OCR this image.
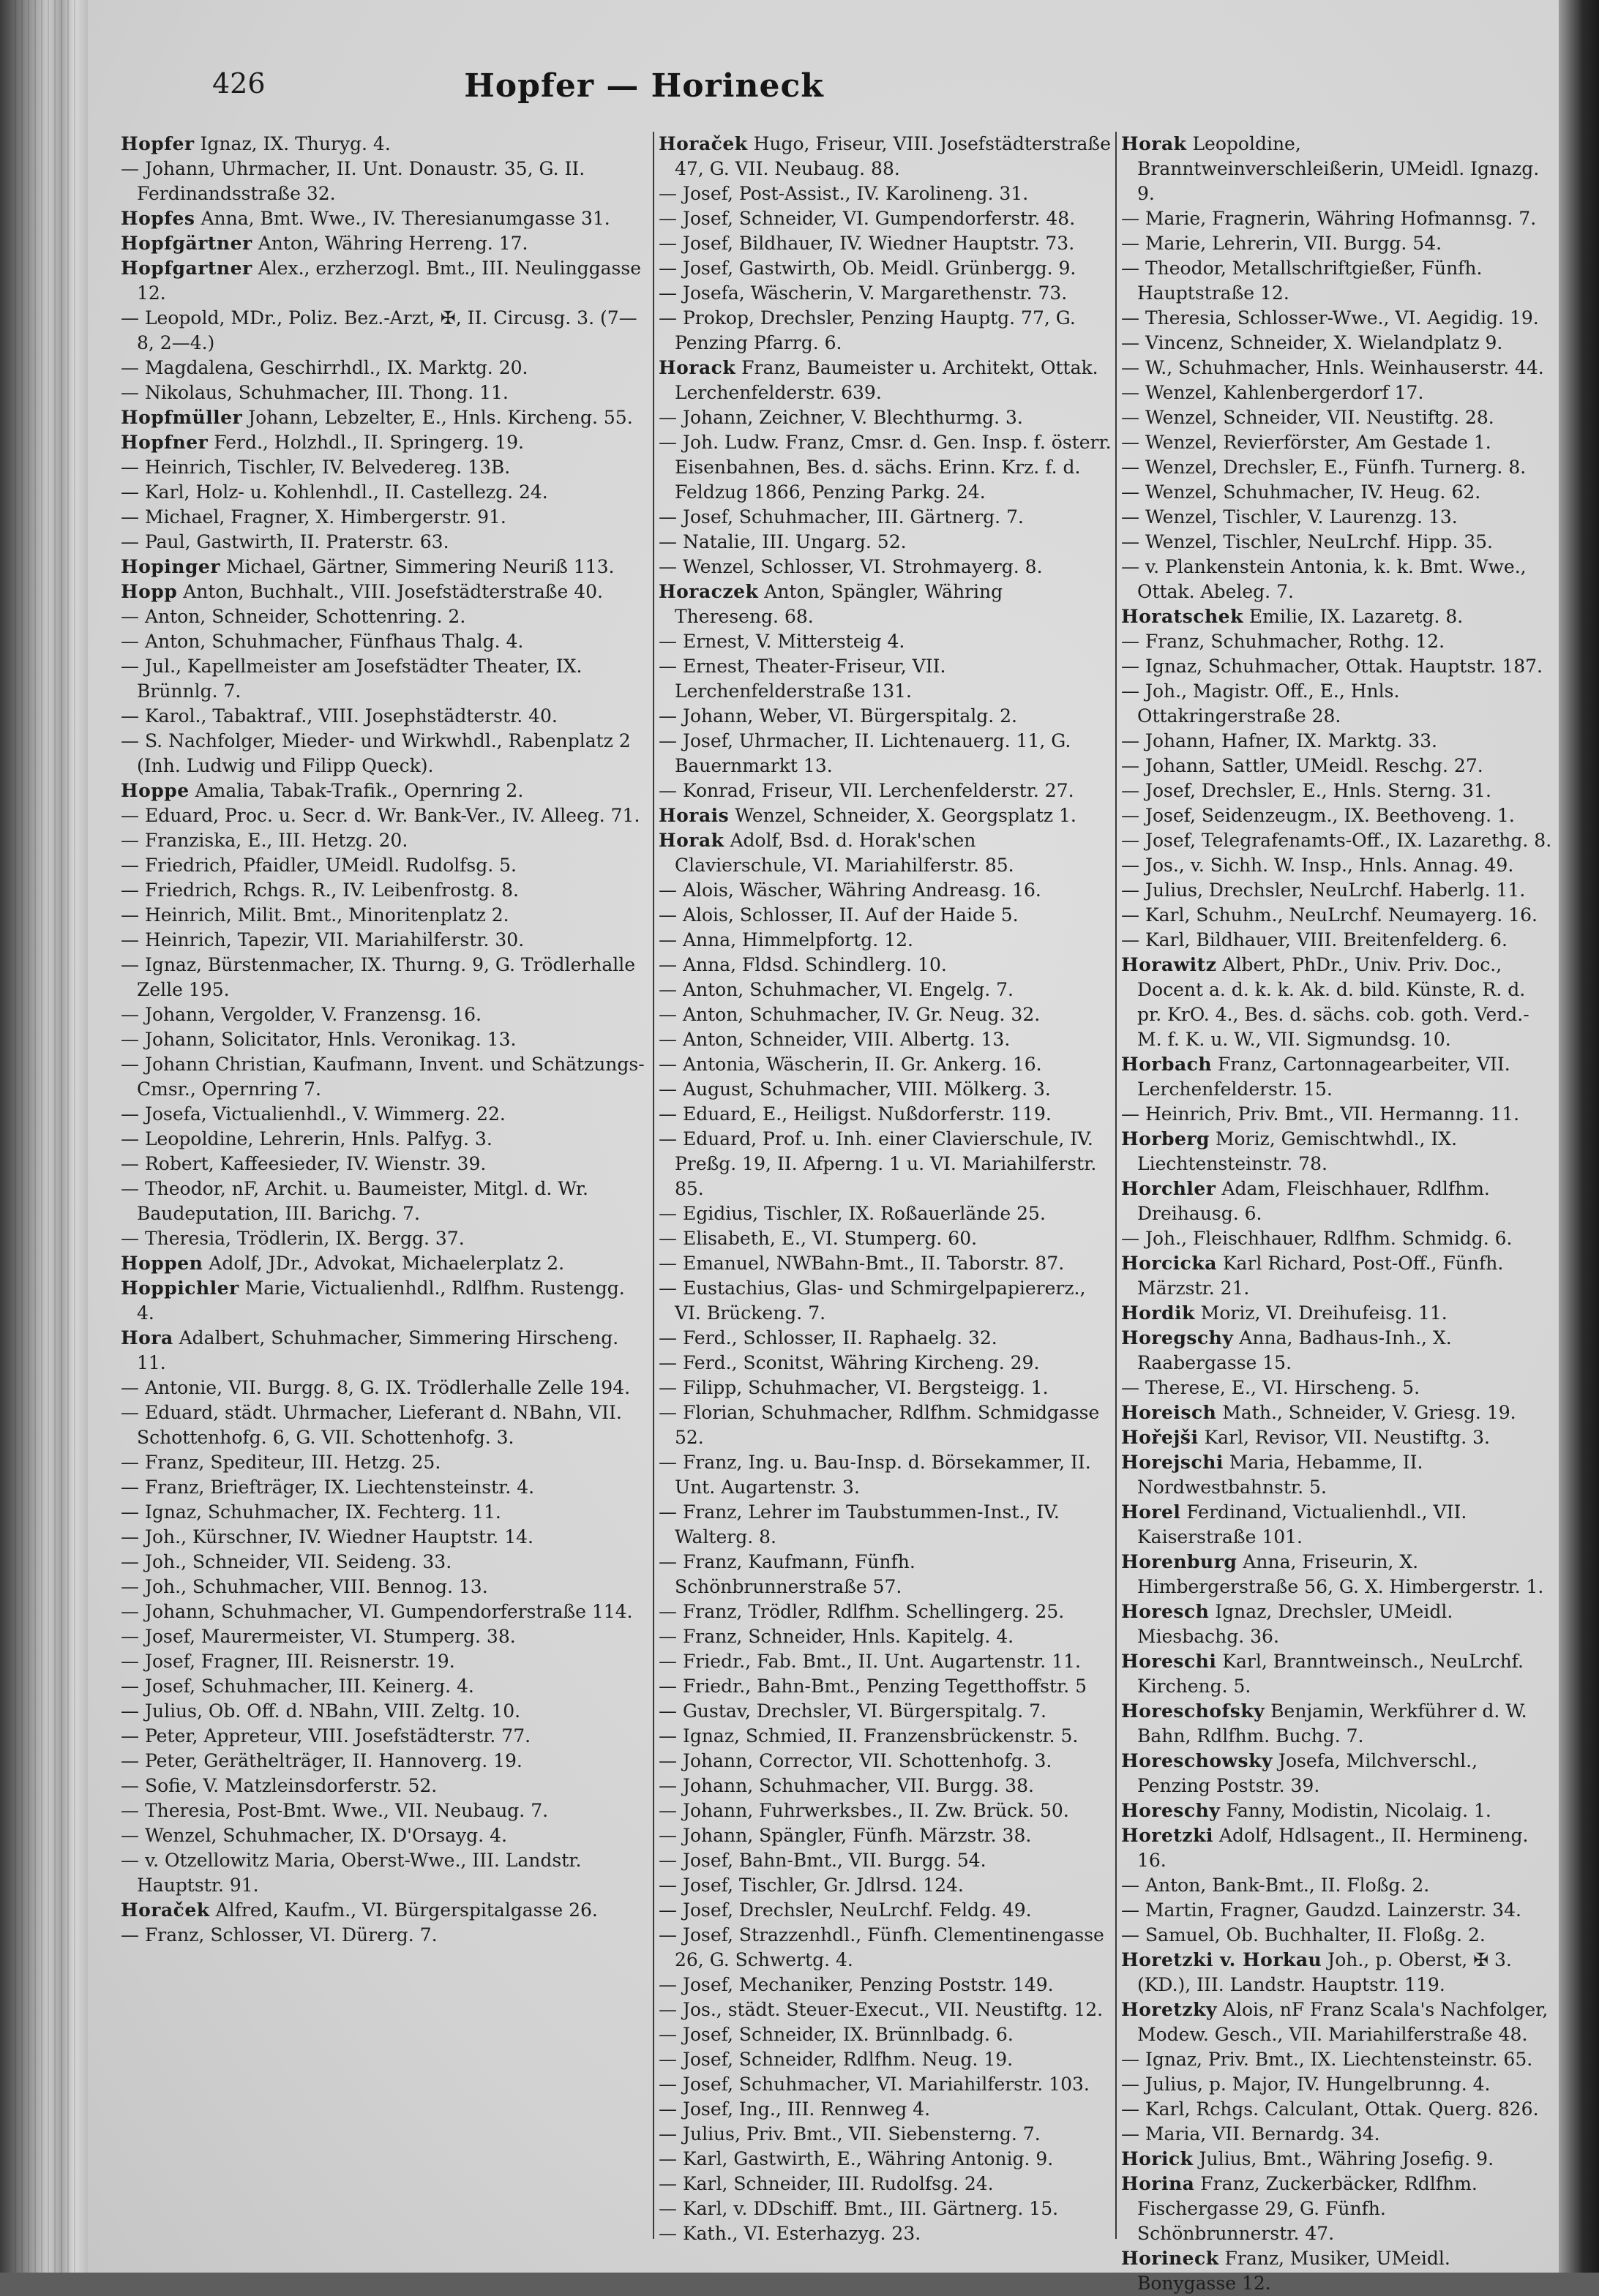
426	Hopfer — Horineck

Hopfer Ignaz, IX. Thuryg. 4.

— Johann, Uhrmacher, II. Unt. Donaustr. 35, G. II. Ferdinandsstraße 32.

Hopfes Anna, Bmt. Wwe., IV. Theresianumgasse 31.

Hopfgärtner Anton, Währing Herreng. 17.

Hopfgartner Alex., erzherzogl. Bmt., III. Neulinggasse 12.

— Leopold, MDr., Poliz. Bez.-Arzt, ✠, II. Circusg. 3. (7—8, 2—4.)

— Magdalena, Geschirrhdl., IX. Marktg. 20.

— Nikolaus, Schuhmacher, III. Thong. 11.

Hopfmüller Johann, Lebzelter, E., Hnls. Kircheng. 55.

Hopfner Ferd., Holzhdl., II. Springerg. 19.

— Heinrich, Tischler, IV. Belvedereg. 13B.

— Karl, Holz- u. Kohlenhdl., II. Castellezg. 24.

— Michael, Fragner, X. Himbergerstr. 91.

— Paul, Gastwirth, II. Praterstr. 63.

Hopinger Michael, Gärtner, Simmering Neuriß 113.

Hopp Anton, Buchhalt., VIII. Josefstädterstraße 40.

— Anton, Schneider, Schottenring. 2.

— Anton, Schuhmacher, Fünfhaus Thalg. 4.

— Jul., Kapellmeister am Josefstädter Theater, IX. Brünnlg. 7.

— Karol., Tabaktraf., VIII. Josephstädterstr. 40.

— S. Nachfolger, Mieder- und Wirkwhdl., Rabenplatz 2 (Inh. Ludwig und Filipp Queck).

Hoppe Amalia, Tabak-Trafik., Opernring 2.

— Eduard, Proc. u. Secr. d. Wr. Bank-Ver., IV. Alleeg. 71.

— Franziska, E., III. Hetzg. 20.

— Friedrich, Pfaidler, UMeidl. Rudolfsg. 5.

— Friedrich, Rchgs. R., IV. Leibenfrostg. 8.

— Heinrich, Milit. Bmt., Minoritenplatz 2.

— Heinrich, Tapezir, VII. Mariahilferstr. 30.

— Ignaz, Bürstenmacher, IX. Thurng. 9, G. Trödlerhalle Zelle 195.

— Johann, Vergolder, V. Franzensg. 16.

— Johann, Solicitator, Hnls. Veronikag. 13.

— Johann Christian, Kaufmann, Invent. und Schätzungs-Cmsr., Opernring 7.

— Josefa, Victualienhdl., V. Wimmerg. 22.

— Leopoldine, Lehrerin, Hnls. Palfyg. 3.

— Robert, Kaffeesieder, IV. Wienstr. 39.

— Theodor, nF, Archit. u. Baumeister, Mitgl. d. Wr. Baudeputation, III. Barichg. 7.

— Theresia, Trödlerin, IX. Bergg. 37.

Hoppen Adolf, JDr., Advokat, Michaelerplatz 2.

Hoppichler Marie, Victualienhdl., Rdlfhm. Rustengg. 4.

Hora Adalbert, Schuhmacher, Simmering Hirscheng. 11.

— Antonie, VII. Burgg. 8, G. IX. Trödlerhalle Zelle 194.

— Eduard, städt. Uhrmacher, Lieferant d. NBahn, VII. Schottenhofg. 6, G. VII. Schottenhofg. 3.

— Franz, Spediteur, III. Hetzg. 25.

— Franz, Briefträger, IX. Liechtensteinstr. 4.

— Ignaz, Schuhmacher, IX. Fechterg. 11.

— Joh., Kürschner, IV. Wiedner Hauptstr. 14.

— Joh., Schneider, VII. Seideng. 33.

— Joh., Schuhmacher, VIII. Bennog. 13.

— Johann, Schuhmacher, VI. Gumpendorferstraße 114.

— Josef, Maurermeister, VI. Stumperg. 38.

— Josef, Fragner, III. Reisnerstr. 19.

— Josef, Schuhmacher, III. Keinerg. 4.

— Julius, Ob. Off. d. NBahn, VIII. Zeltg. 10.

— Peter, Appreteur, VIII. Josefstädterstr. 77.

— Peter, Geräthelträger, II. Hannoverg. 19.

— Sofie, V. Matzleinsdorferstr. 52.

— Theresia, Post-Bmt. Wwe., VII. Neubaug. 7.

— Wenzel, Schuhmacher, IX. D'Orsayg. 4.

— v. Otzellowitz Maria, Oberst-Wwe., III. Landstr. Hauptstr. 91.

Horaček Alfred, Kaufm., VI. Bürgerspitalgasse 26.

— Franz, Schlosser, VI. Dürerg. 7.

Horaček Hugo, Friseur, VIII. Josefstädterstraße 47, G. VII. Neubaug. 88.

— Josef, Post-Assist., IV. Karolineng. 31.

— Josef, Schneider, VI. Gumpendorferstr. 48.

— Josef, Bildhauer, IV. Wiedner Hauptstr. 73.

— Josef, Gastwirth, Ob. Meidl. Grünbergg. 9.

— Josefa, Wäscherin, V. Margarethenstr. 73.

— Prokop, Drechsler, Penzing Hauptg. 77, G. Penzing Pfarrg. 6.

Horack Franz, Baumeister u. Architekt, Ottak. Lerchenfelderstr. 639.

— Johann, Zeichner, V. Blechthurmg. 3.

— Joh. Ludw. Franz, Cmsr. d. Gen. Insp. f. österr. Eisenbahnen, Bes. d. sächs. Erinn. Krz. f. d. Feldzug 1866, Penzing Parkg. 24.

— Josef, Schuhmacher, III. Gärtnerg. 7.

— Natalie, III. Ungarg. 52.

— Wenzel, Schlosser, VI. Strohmayerg. 8.

Horaczek Anton, Spängler, Währing Thereseng. 68.

— Ernest, V. Mittersteig 4.

— Ernest, Theater-Friseur, VII. Lerchenfelderstraße 131.

— Johann, Weber, VI. Bürgerspitalg. 2.

— Josef, Uhrmacher, II. Lichtenauerg. 11, G. Bauernmarkt 13.

— Konrad, Friseur, VII. Lerchenfelderstr. 27.

Horais Wenzel, Schneider, X. Georgsplatz 1.

Horak Adolf, Bsd. d. Horak'schen Clavierschule, VI. Mariahilferstr. 85.

— Alois, Wäscher, Währing Andreasg. 16.

— Alois, Schlosser, II. Auf der Haide 5.

— Anna, Himmelpfortg. 12.

— Anna, Fldsd. Schindlerg. 10.

— Anton, Schuhmacher, VI. Engelg. 7.

— Anton, Schuhmacher, IV. Gr. Neug. 32.

— Anton, Schneider, VIII. Albertg. 13.

— Antonia, Wäscherin, II. Gr. Ankerg. 16.

— August, Schuhmacher, VIII. Mölkerg. 3.

— Eduard, E., Heiligst. Nußdorferstr. 119.

— Eduard, Prof. u. Inh. einer Clavierschule, IV. Preßg. 19, II. Afperng. 1 u. VI. Mariahilferstr. 85.

— Egidius, Tischler, IX. Roßauerlände 25.

— Elisabeth, E., VI. Stumperg. 60.

— Emanuel, NWBahn-Bmt., II. Taborstr. 87.

— Eustachius, Glas- und Schmirgelpapiererz., VI. Brückeng. 7.

— Ferd., Schlosser, II. Raphaelg. 32.

— Ferd., Sconitst, Währing Kircheng. 29.

— Filipp, Schuhmacher, VI. Bergsteigg. 1.

— Florian, Schuhmacher, Rdlfhm. Schmidgasse 52.

— Franz, Ing. u. Bau-Insp. d. Börsekammer, II. Unt. Augartenstr. 3.

— Franz, Lehrer im Taubstummen-Inst., IV. Walterg. 8.

— Franz, Kaufmann, Fünfh. Schönbrunnerstraße 57.

— Franz, Trödler, Rdlfhm. Schellingerg. 25.

— Franz, Schneider, Hnls. Kapitelg. 4.

— Friedr., Fab. Bmt., II. Unt. Augartenstr. 11.

— Friedr., Bahn-Bmt., Penzing Tegetthoffstr. 5

— Gustav, Drechsler, VI. Bürgerspitalg. 7.

— Ignaz, Schmied, II. Franzensbrückenstr. 5.

— Johann, Corrector, VII. Schottenhofg. 3.

— Johann, Schuhmacher, VII. Burgg. 38.

— Johann, Fuhrwerksbes., II. Zw. Brück. 50.

— Johann, Spängler, Fünfh. Märzstr. 38.

— Josef, Bahn-Bmt., VII. Burgg. 54.

— Josef, Tischler, Gr. Jdlrsd. 124.

— Josef, Drechsler, NeuLrchf. Feldg. 49.

— Josef, Strazzenhdl., Fünfh. Clementinengasse 26, G. Schwertg. 4.

— Josef, Mechaniker, Penzing Poststr. 149.

— Jos., städt. Steuer-Execut., VII. Neustiftg. 12.

— Josef, Schneider, IX. Brünnlbadg. 6.

— Josef, Schneider, Rdlfhm. Neug. 19.

— Josef, Schuhmacher, VI. Mariahilferstr. 103.

— Josef, Ing., III. Rennweg 4.

— Julius, Priv. Bmt., VII. Siebensterng. 7.

— Karl, Gastwirth, E., Währing Antonig. 9.

— Karl, Schneider, III. Rudolfsg. 24.

— Karl, v. DDschiff. Bmt., III. Gärtnerg. 15.

— Kath., VI. Esterhazyg. 23.

Horak Leopoldine, Branntweinverschleißerin, UMeidl. Ignazg. 9.

— Marie, Fragnerin, Währing Hofmannsg. 7.

— Marie, Lehrerin, VII. Burgg. 54.

— Theodor, Metallschriftgießer, Fünfh. Hauptstraße 12.

— Theresia, Schlosser-Wwe., VI. Aegidig. 19.

— Vincenz, Schneider, X. Wielandplatz 9.

— W., Schuhmacher, Hnls. Weinhauserstr. 44.

— Wenzel, Kahlenbergerdorf 17.

— Wenzel, Schneider, VII. Neustiftg. 28.

— Wenzel, Revierförster, Am Gestade 1.

— Wenzel, Drechsler, E., Fünfh. Turnerg. 8.

— Wenzel, Schuhmacher, IV. Heug. 62.

— Wenzel, Tischler, V. Laurenzg. 13.

— Wenzel, Tischler, NeuLrchf. Hipp. 35.

— v. Plankenstein Antonia, k. k. Bmt. Wwe., Ottak. Abeleg. 7.

Horatschek Emilie, IX. Lazaretg. 8.

— Franz, Schuhmacher, Rothg. 12.

— Ignaz, Schuhmacher, Ottak. Hauptstr. 187.

— Joh., Magistr. Off., E., Hnls. Ottakringerstraße 28.

— Johann, Hafner, IX. Marktg. 33.

— Johann, Sattler, UMeidl. Reschg. 27.

— Josef, Drechsler, E., Hnls. Sterng. 31.

— Josef, Seidenzeugm., IX. Beethoveng. 1.

— Josef, Telegrafenamts-Off., IX. Lazarethg. 8.

— Jos., v. Sichh. W. Insp., Hnls. Annag. 49.

— Julius, Drechsler, NeuLrchf. Haberlg. 11.

— Karl, Schuhm., NeuLrchf. Neumayerg. 16.

— Karl, Bildhauer, VIII. Breitenfelderg. 6.

Horawitz Albert, PhDr., Univ. Priv. Doc., Docent a. d. k. k. Ak. d. bild. Künste, R. d. pr. KrO. 4., Bes. d. sächs. cob. goth. Verd.-M. f. K. u. W., VII. Sigmundsg. 10.

Horbach Franz, Cartonnagearbeiter, VII. Lerchenfelderstr. 15.

— Heinrich, Priv. Bmt., VII. Hermanng. 11.

Horberg Moriz, Gemischtwhdl., IX. Liechtensteinstr. 78.

Horchler Adam, Fleischhauer, Rdlfhm. Dreihausg. 6.

— Joh., Fleischhauer, Rdlfhm. Schmidg. 6.

Horcicka Karl Richard, Post-Off., Fünfh. Märzstr. 21.

Hordik Moriz, VI. Dreihufeisg. 11.

Horegschy Anna, Badhaus-Inh., X. Raabergasse 15.

— Therese, E., VI. Hirscheng. 5.

Horeisch Math., Schneider, V. Griesg. 19.

Hořejši Karl, Revisor, VII. Neustiftg. 3.

Horejschi Maria, Hebamme, II. Nordwestbahnstr. 5.

Horel Ferdinand, Victualienhdl., VII. Kaiserstraße 101.

Horenburg Anna, Friseurin, X. Himbergerstraße 56, G. X. Himbergerstr. 1.

Horesch Ignaz, Drechsler, UMeidl. Miesbachg. 36.

Horeschi Karl, Branntweinsch., NeuLrchf. Kircheng. 5.

Horeschofsky Benjamin, Werkführer d. W. Bahn, Rdlfhm. Buchg. 7.

Horeschowsky Josefa, Milchverschl., Penzing Poststr. 39.

Horeschy Fanny, Modistin, Nicolaig. 1.

Horetzki Adolf, Hdlsagent., II. Hermineng. 16.

— Anton, Bank-Bmt., II. Floßg. 2.

— Martin, Fragner, Gaudzd. Lainzerstr. 34.

— Samuel, Ob. Buchhalter, II. Floßg. 2.

Horetzki v. Horkau Joh., p. Oberst, ✠ 3. (KD.), III. Landstr. Hauptstr. 119.

Horetzky Alois, nF Franz Scala's Nachfolger, Modew. Gesch., VII. Mariahilferstraße 48.

— Ignaz, Priv. Bmt., IX. Liechtensteinstr. 65.

— Julius, p. Major, IV. Hungelbrunng. 4.

— Karl, Rchgs. Calculant, Ottak. Querg. 826.

— Maria, VII. Bernardg. 34.

Horick Julius, Bmt., Währing Josefig. 9.

Horina Franz, Zuckerbäcker, Rdlfhm. Fischergasse 29, G. Fünfh. Schönbrunnerstr. 47.

Horineck Franz, Musiker, UMeidl. Bonygasse 12.
